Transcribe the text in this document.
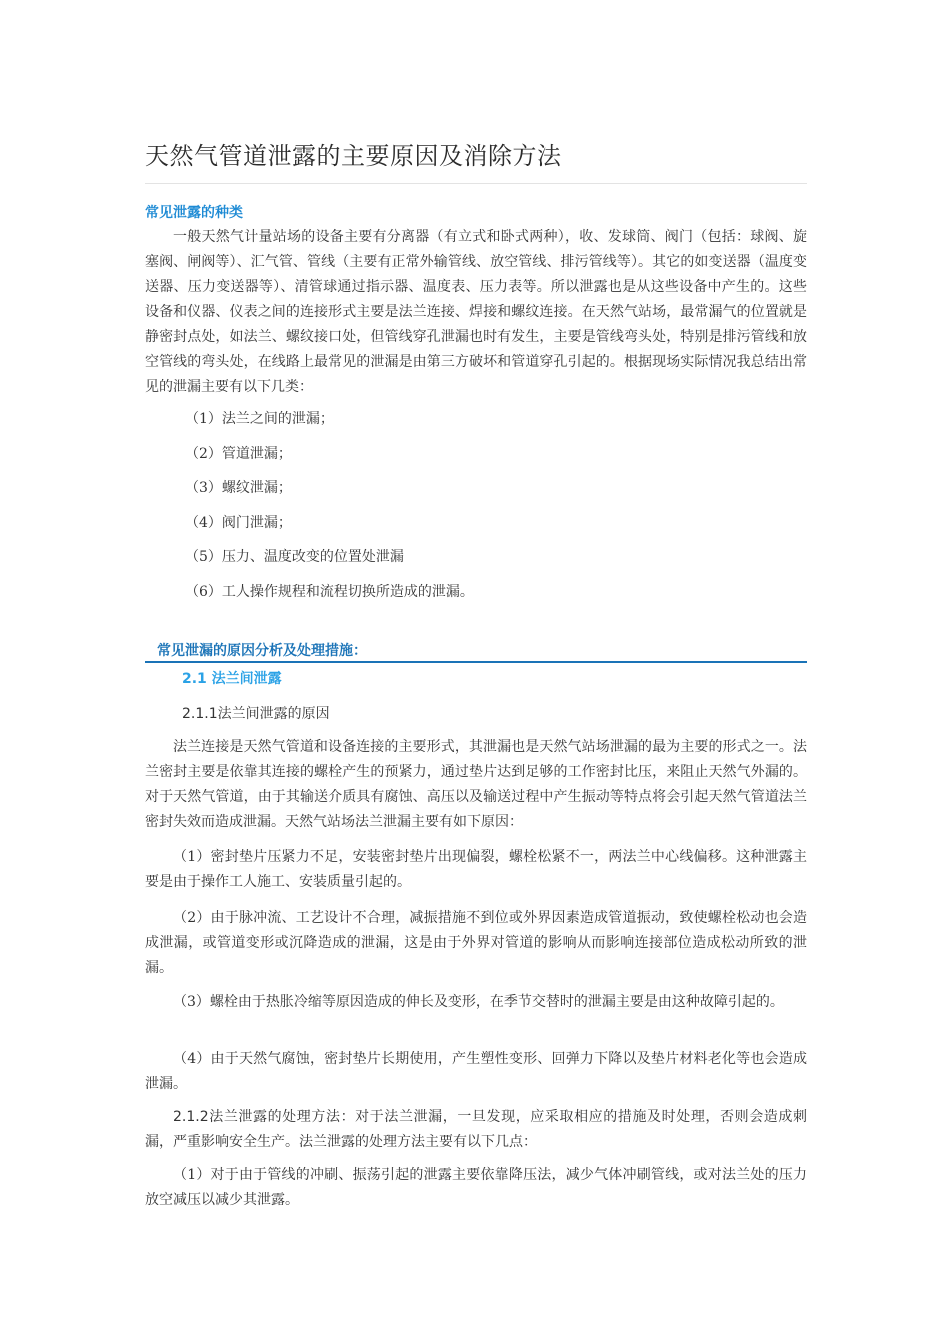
天然气管道泄露的主要原因及消除方法
常见泄露的种类
一般天然气计量站场的设备主要有分离器（有立式和卧式两种），收、发球筒、阀门（包括：球阀、旋塞阀、闸阀等）、汇气管、管线（主要有正常外输管线、放空管线、排污管线等）。其它的如变送器（温度变送器、压力变送器等）、清管球通过指示器、温度表、压力表等。所以泄露也是从这些设备中产生的。这些设备和仪器、仪表之间的连接形式主要是法兰连接、焊接和螺纹连接。在天然气站场，最常漏气的位置就是静密封点处，如法兰、螺纹接口处，但管线穿孔泄漏也时有发生，主要是管线弯头处，特别是排污管线和放空管线的弯头处，在线路上最常见的泄漏是由第三方破坏和管道穿孔引起的。根据现场实际情况我总结出常见的泄漏主要有以下几类：
（1）法兰之间的泄漏；
（2）管道泄漏；
（3）螺纹泄漏；
（4）阀门泄漏；
（5）压力、温度改变的位置处泄漏
（6）工人操作规程和流程切换所造成的泄漏。
常见泄漏的原因分析及处理措施：
2.1 法兰间泄露
2.1.1法兰间泄露的原因
法兰连接是天然气管道和设备连接的主要形式，其泄漏也是天然气站场泄漏的最为主要的形式之一。法兰密封主要是依靠其连接的螺栓产生的预紧力，通过垫片达到足够的工作密封比压，来阻止天然气外漏的。对于天然气管道，由于其输送介质具有腐蚀、高压以及输送过程中产生振动等特点将会引起天然气管道法兰密封失效而造成泄漏。天然气站场法兰泄漏主要有如下原因：
（1）密封垫片压紧力不足，安装密封垫片出现偏裂，螺栓松紧不一，两法兰中心线偏移。这种泄露主要是由于操作工人施工、安装质量引起的。
（2）由于脉冲流、工艺设计不合理，减振措施不到位或外界因素造成管道振动，致使螺栓松动也会造成泄漏，或管道变形或沉降造成的泄漏，这是由于外界对管道的影响从而影响连接部位造成松动所致的泄漏。
（3）螺栓由于热胀冷缩等原因造成的伸长及变形，在季节交替时的泄漏主要是由这种故障引起的。
（4）由于天然气腐蚀，密封垫片长期使用，产生塑性变形、回弹力下降以及垫片材料老化等也会造成泄漏。
2.1.2法兰泄露的处理方法：对于法兰泄漏，一旦发现，应采取相应的措施及时处理，否则会造成刺漏，严重影响安全生产。法兰泄露的处理方法主要有以下几点：
（1）对于由于管线的冲刷、振荡引起的泄露主要依靠降压法，减少气体冲刷管线，或对法兰处的压力放空减压以减少其泄露。
